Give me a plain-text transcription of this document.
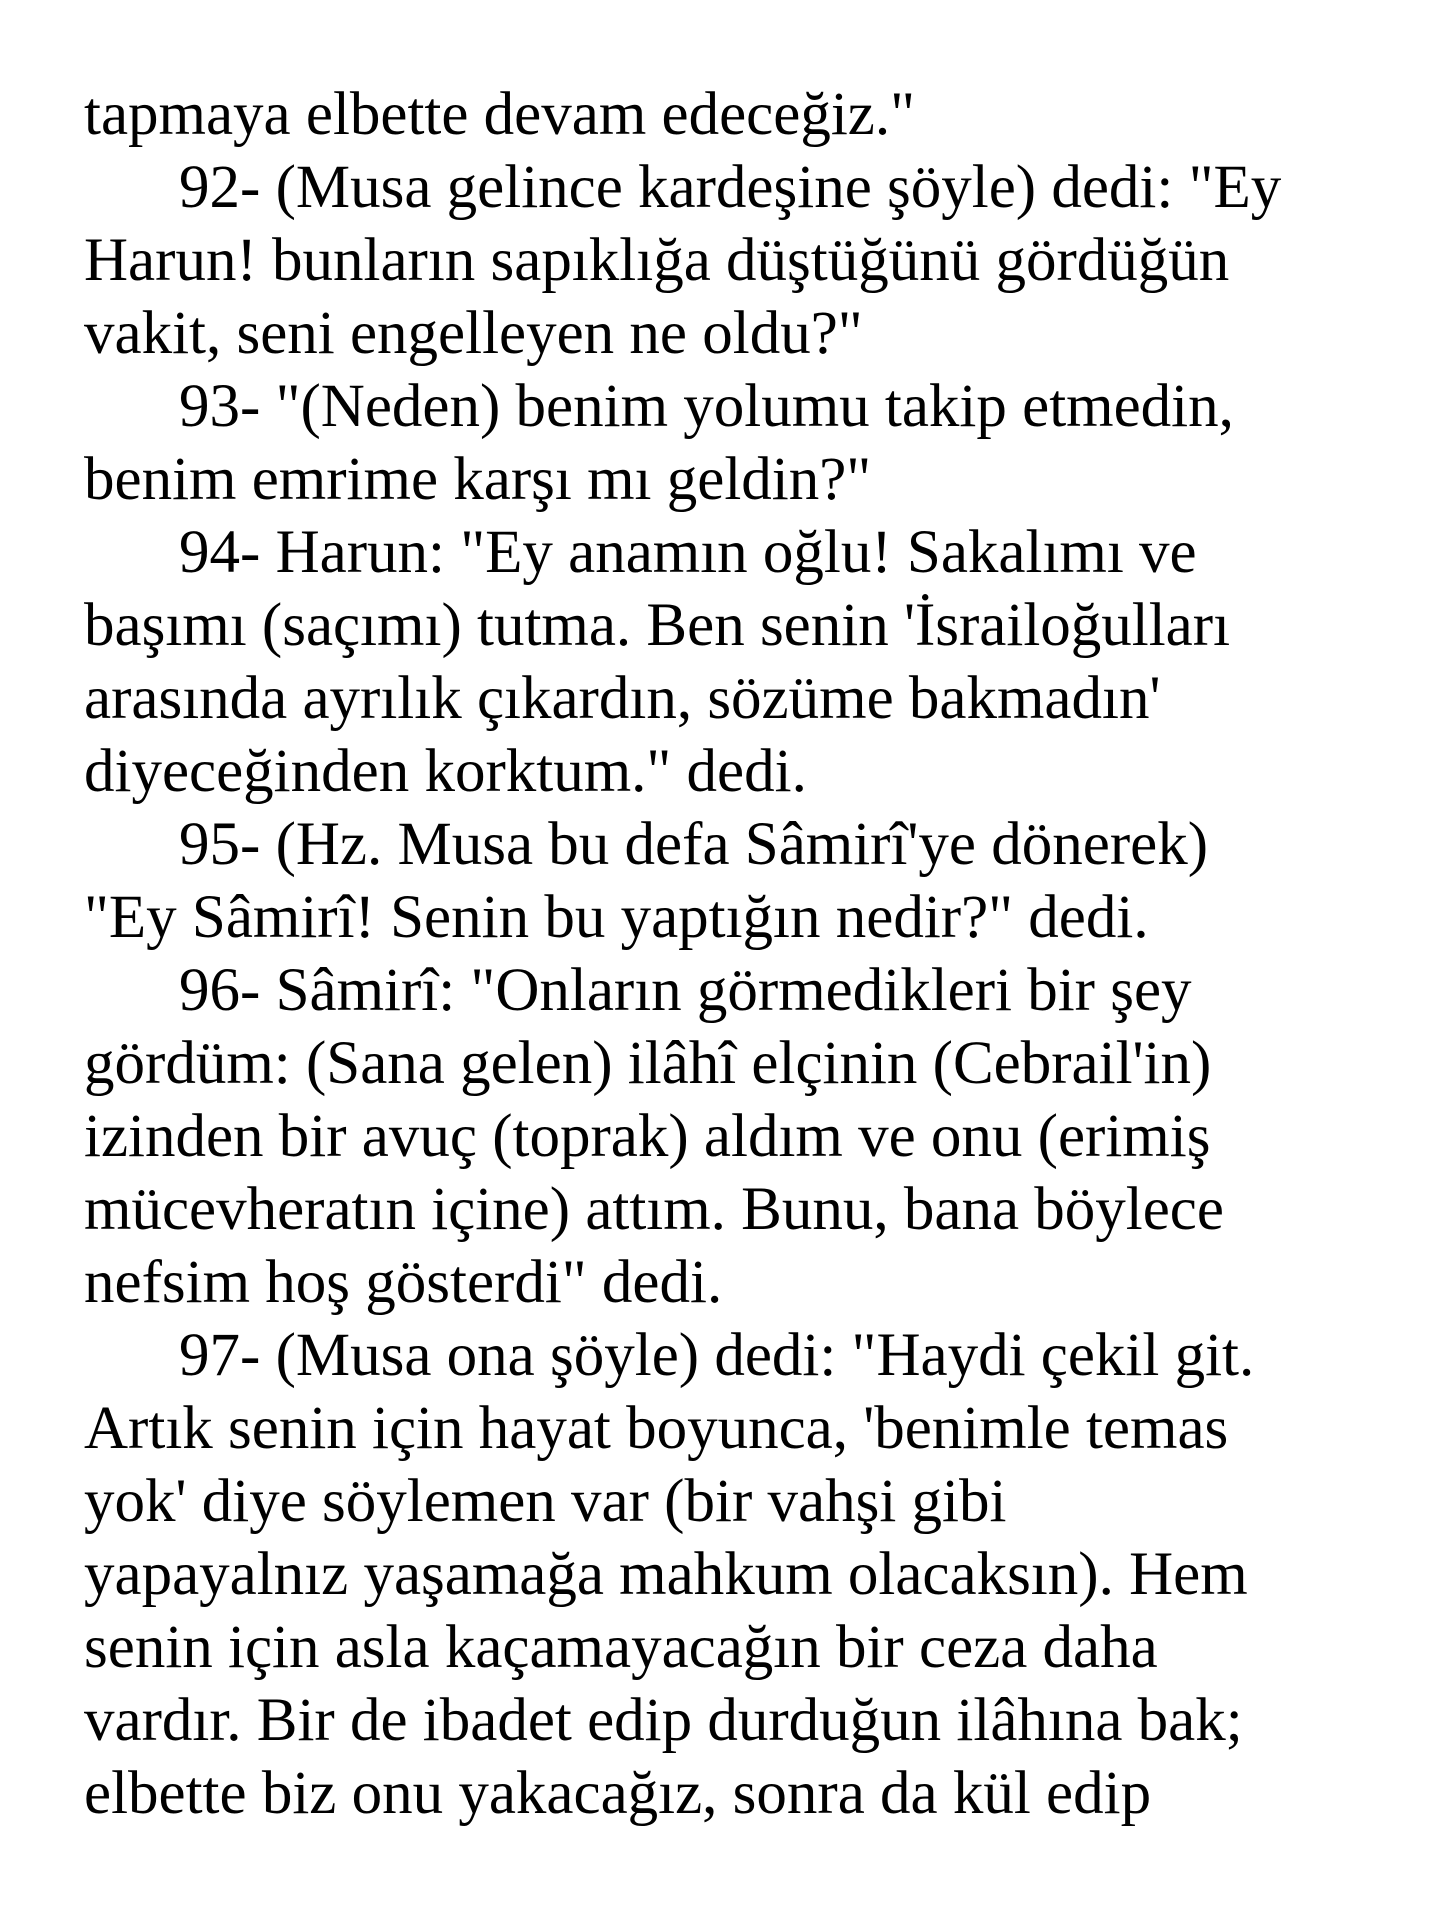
tapmaya elbette devam edeceğiz."
92- (Musa gelince kardeşine şöyle) dedi: "Ey
Harun! bunların sapıklığa düştüğünü gördüğün
vakit, seni engelleyen ne oldu?"
93- "(Neden) benim yolumu takip etmedin,
benim emrime karşı mı geldin?"
94- Harun: "Ey anamın oğlu! Sakalımı ve
başımı (saçımı) tutma. Ben senin 'İsrailoğulları
arasında ayrılık çıkardın, sözüme bakmadın'
diyeceğinden korktum." dedi.
95- (Hz. Musa bu defa Sâmirî'ye dönerek)
"Ey Sâmirî! Senin bu yaptığın nedir?" dedi.
96- Sâmirî: "Onların görmedikleri bir şey
gördüm: (Sana gelen) ilâhî elçinin (Cebrail'in)
izinden bir avuç (toprak) aldım ve onu (erimiş
mücevheratın içine) attım. Bunu, bana böylece
nefsim hoş gösterdi" dedi.
97- (Musa ona şöyle) dedi: "Haydi çekil git.
Artık senin için hayat boyunca, 'benimle temas
yok' diye söylemen var (bir vahşi gibi
yapayalnız yaşamağa mahkum olacaksın). Hem
senin için asla kaçamayacağın bir ceza daha
vardır. Bir de ibadet edip durduğun ilâhına bak;
elbette biz onu yakacağız, sonra da kül edip
